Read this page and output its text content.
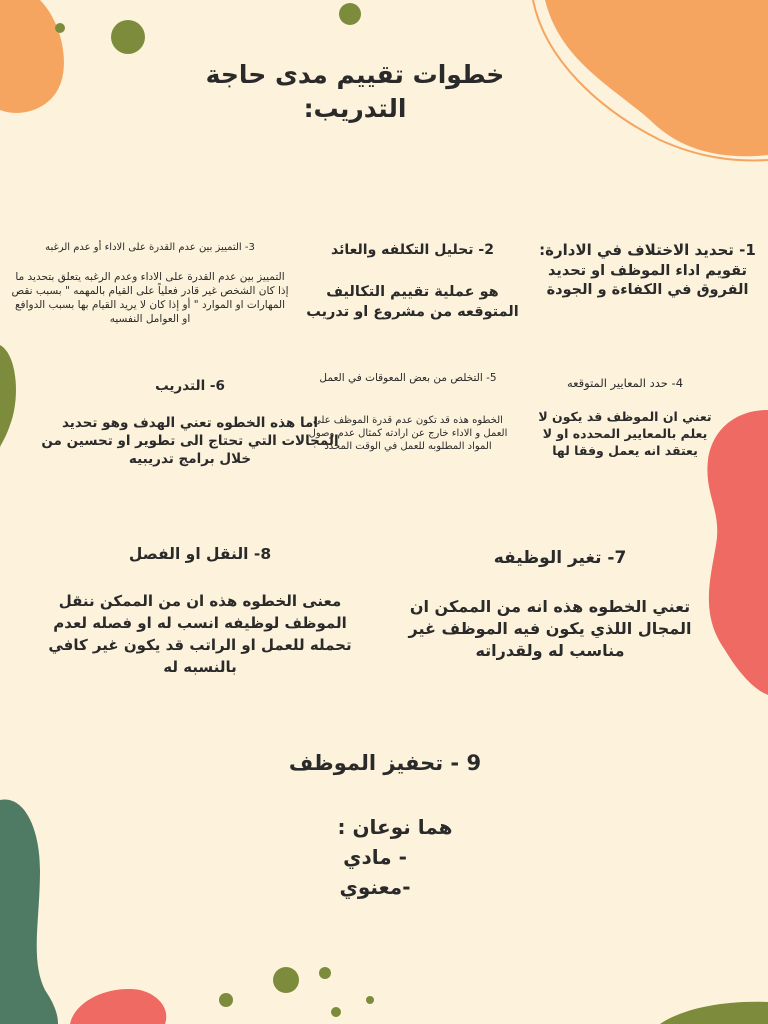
خطوات تقييم مدى حاجة التدريب:
1- تحديد الاختلاف في الادارة:
تقويم اداء الموظف او تحديد الفروق في الكفاءة و الجودة
2- تحليل التكلفه والعائد
هو عملية تقييم التكاليف المتوقعه من مشروع او تدريب
3- التمييز بين عدم القدرة على الاداء أو عدم الرغبه
التمييز بين عدم القدرة على الاداء وعدم الرغبه يتعلق بتحديد ما إذا كان الشخص غير قادر فعلياً على القيام بالمهمه " بسبب نقص المهارات او الموارد " أو إذا كان لا يريد القيام بها بسبب الدوافع او العوامل النفسيه
4- حدد المعايير المتوقعه
تعني ان الموظف قد يكون لا يعلم بالمعايير المحدده او لا يعتقد انه يعمل وفقا لها
5- التخلص من بعض المعوقات في العمل
الخطوه هذه قد تكون عدم قدرة الموظف على العمل و الاداء خارج عن ارادته كمثال عدم وصول المواد المطلوبه للعمل في الوقت المحدد
6- التدريب
اما هذه الخطوه تعني الهدف وهو تحديد المجالات التي تحتاج الى تطوير او تحسين من خلال برامج تدريبيه
7- تغير الوظيفه
تعني الخطوه هذه انه من الممكن ان المجال اللذي يكون فيه الموظف غير مناسب له ولقدراته
8- النقل او الفصل
معنى الخطوه هذه ان من الممكن ننقل الموظف لوظيفه انسب له او فصله لعدم تحمله للعمل او الراتب قد يكون غير كافي بالنسبه له
9 - تحفيز الموظف
هما نوعان :
- مادي
-معنوي
